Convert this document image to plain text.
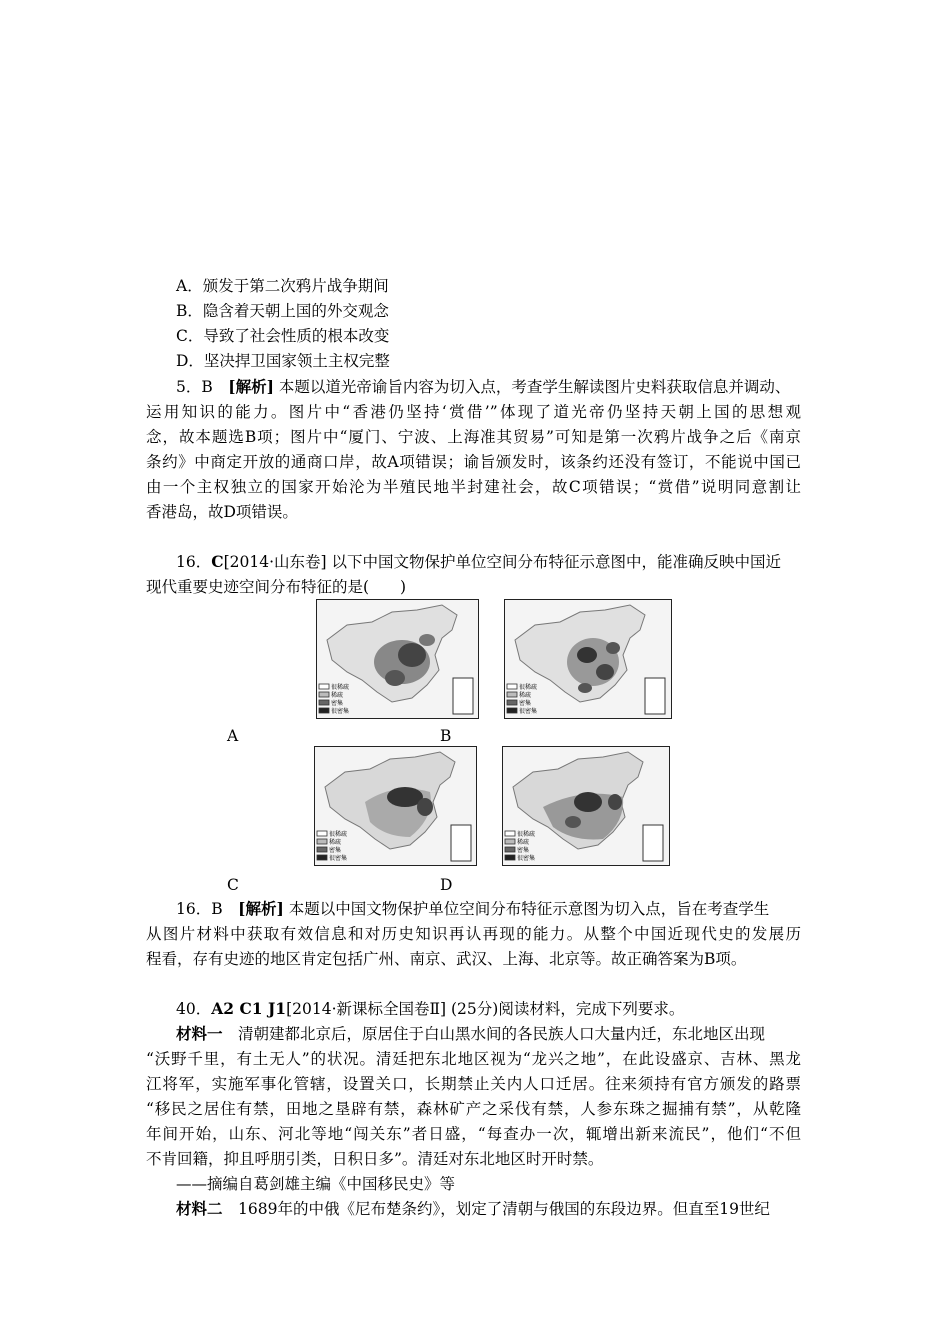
A．颁发于第二次鸦片战争期间
B．隐含着天朝上国的外交观念
C．导致了社会性质的根本改变
D．坚决捍卫国家领土主权完整
5．B　 [解析] 本题以道光帝谕旨内容为切入点，考查学生解读图片史料获取信息并调动、
运用知识的能力。图片中“香港仍坚持‘赏借’”体现了道光帝仍坚持天朝上国的思想观
念，故本题选B项；图片中“厦门、宁波、上海准其贸易”可知是第一次鸦片战争之后《南京
条约》中商定开放的通商口岸，故A项错误；谕旨颁发时，该条约还没有签订，不能说中国已
由一个主权独立的国家开始沦为半殖民地半封建社会，故C项错误；“赏借”说明同意割让
香港岛，故D项错误。
16．C[2014·山东卷] 以下中国文物保护单位空间分布特征示意图中，能准确反映中国近
现代重要史迹空间分布特征的是(　　)
很稀疏
稀疏
密集
很密集
很稀疏
稀疏
密集
很密集
A	B
很稀疏
稀疏
密集
很密集
很稀疏
稀疏
密集
很密集
C	D
16．B　 [解析] 本题以中国文物保护单位空间分布特征示意图为切入点，旨在考查学生
从图片材料中获取有效信息和对历史知识再认再现的能力。从整个中国近现代史的发展历
程看，存有史迹的地区肯定包括广州、南京、武汉、上海、北京等。故正确答案为B项。
40．A2 C1 J1[2014·新课标全国卷Ⅱ] (25分)阅读材料，完成下列要求。
材料一　清朝建都北京后，原居住于白山黑水间的各民族人口大量内迁，东北地区出现
“沃野千里，有土无人”的状况。清廷把东北地区视为“龙兴之地”，在此设盛京、吉林、黑龙
江将军，实施军事化管辖，设置关口，长期禁止关内人口迁居。往来须持有官方颁发的路票
“移民之居住有禁，田地之垦辟有禁，森林矿产之采伐有禁，人参东珠之掘捕有禁”，从乾隆
年间开始，山东、河北等地“闯关东”者日盛，“每查办一次，辄增出新来流民”，他们“不但
不肯回籍，抑且呼朋引类，日积日多”。清廷对东北地区时开时禁。
——摘编自葛剑雄主编《中国移民史》等
材料二　1689年的中俄《尼布楚条约》，划定了清朝与俄国的东段边界。但直至19世纪
